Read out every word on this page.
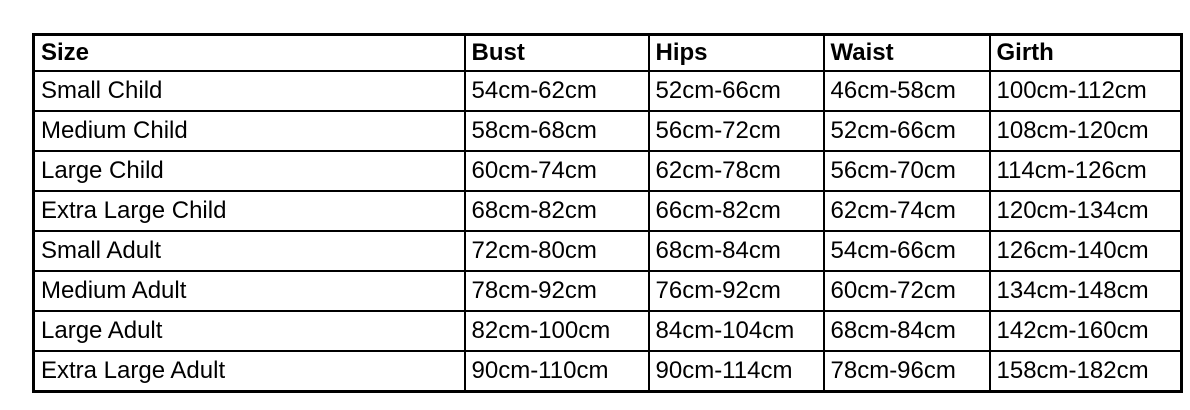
Size	Bust	Hips	Waist	Girth
Small Child	54cm-62cm	52cm-66cm	46cm-58cm	100cm-112cm
Medium Child	58cm-68cm	56cm-72cm	52cm-66cm	108cm-120cm
Large Child	60cm-74cm	62cm-78cm	56cm-70cm	114cm-126cm
Extra Large Child	68cm-82cm	66cm-82cm	62cm-74cm	120cm-134cm
Small Adult	72cm-80cm	68cm-84cm	54cm-66cm	126cm-140cm
Medium Adult	78cm-92cm	76cm-92cm	60cm-72cm	134cm-148cm
Large Adult	82cm-100cm	84cm-104cm	68cm-84cm	142cm-160cm
Extra Large Adult	90cm-110cm	90cm-114cm	78cm-96cm	158cm-182cm
